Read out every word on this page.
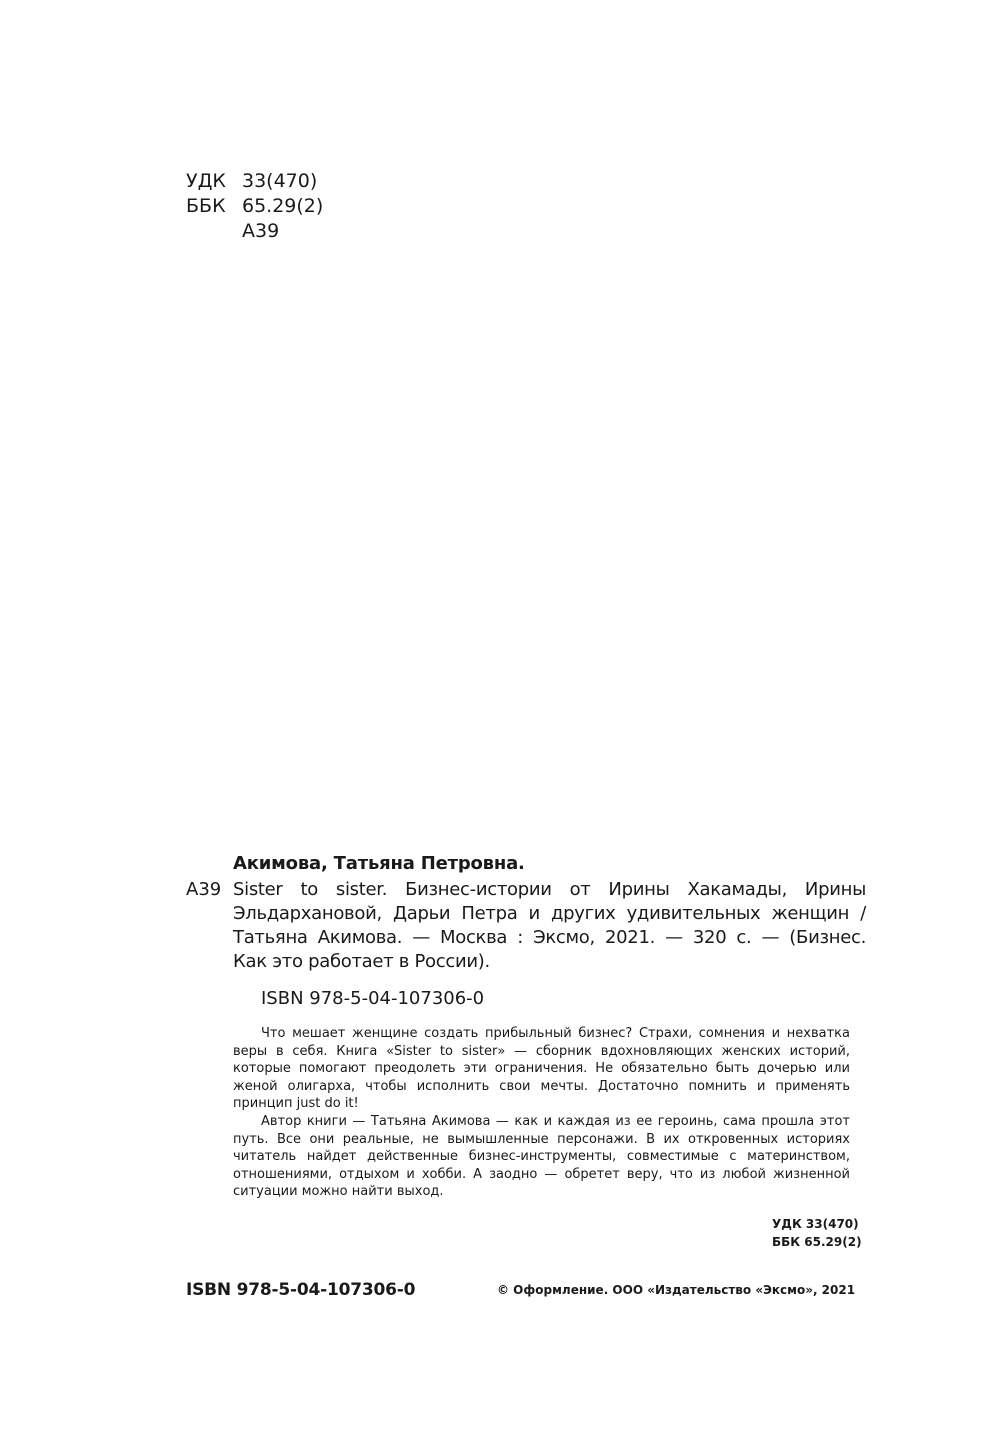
УДК 33(470)
ББК 65.29(2)
А39
Акимова, Татьяна Петровна.
А39 Sister to sister. Бизнес-истории от Ирины Хакамады, Ирины
Эльдархановой, Дарьи Петра и других удивительных женщин /
Татьяна Акимова. — Москва : Эксмо, 2021. — 320 с. — (Бизнес.
Как это работает в России).
ISBN 978-5-04-107306-0

Что мешает женщине создать прибыльный бизнес? Страхи, сомнения и нехватка веры в себя. Книга «Sister to sister» — сборник вдохновляющих женских историй, которые помогают преодолеть эти ограничения. Не обязательно быть дочерью или женой олигарха, чтобы исполнить свои мечты. Достаточно помнить и применять принцип just do it!

Автор книги — Татьяна Акимова — как и каждая из ее героинь, сама прошла этот путь. Все они реальные, не вымышленные персонажи. В их откровенных историях читатель найдет действенные бизнес-инструменты, совместимые с материнством, отношениями, отдыхом и хобби. А заодно — обретет веру, что из любой жизненной ситуации можно найти выход.

УДК 33(470)
ББК 65.29(2)
ISBN 978-5-04-107306-0	© Оформление. ООО «Издательство «Эксмо», 2021
